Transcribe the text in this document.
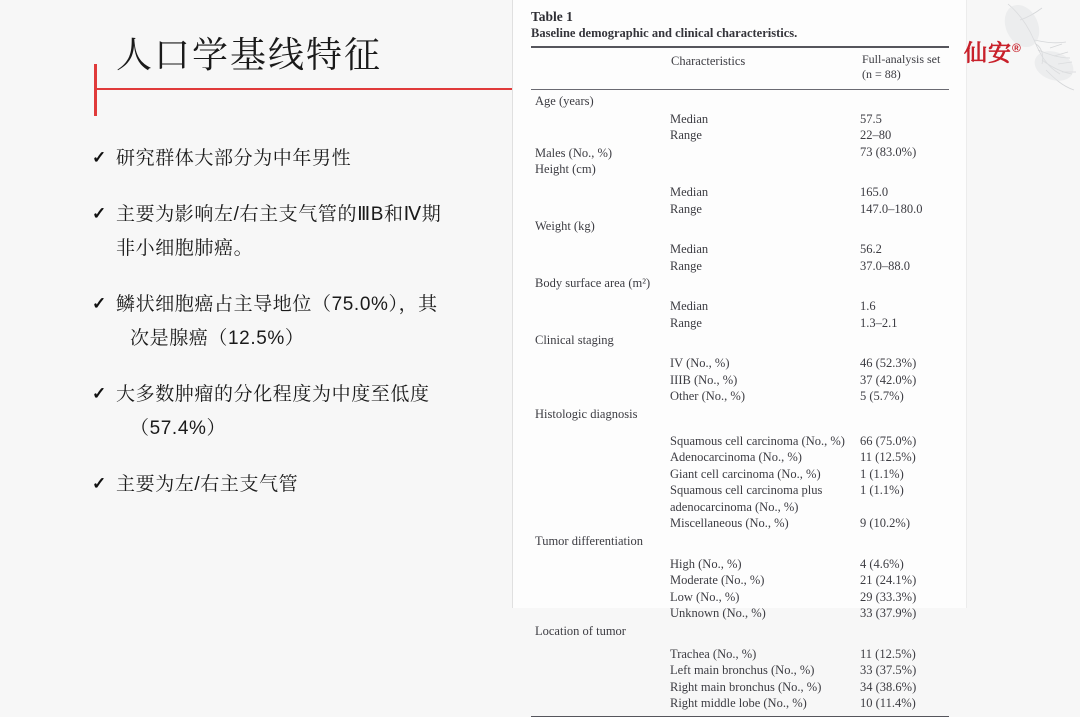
人口学基线特征
✓ 研究群体大部分为中年男性
✓ 主要为影响左/右主支气管的ⅢB和Ⅳ期
非小细胞肺癌。
✓ 鳞状细胞癌占主导地位（75.0%），其
次是腺癌（12.5%）
✓ 大多数肿瘤的分化程度为中度至低度
（57.4%）
✓ 主要为左/右主支气管
Table 1
Baseline demographic and clinical characteristics.
Characteristics	Full-analysis set
(n = 88)
Age (years)
Median	57.5
Range	22–80
Males (No., %)	73 (83.0%)
Height (cm)
Median	165.0
Range	147.0–180.0
Weight (kg)
Median	56.2
Range	37.0–88.0
Body surface area (m²)
Median	1.6
Range	1.3–2.1
Clinical staging
IV (No., %)	46 (52.3%)
IIIB (No., %)	37 (42.0%)
Other (No., %)	5 (5.7%)
Histologic diagnosis
Squamous cell carcinoma (No., %)	66 (75.0%)
Adenocarcinoma (No., %)	11 (12.5%)
Giant cell carcinoma (No., %)	1 (1.1%)
Squamous cell carcinoma plus	1 (1.1%)
adenocarcinoma (No., %)
Miscellaneous (No., %)	9 (10.2%)
Tumor differentiation
High (No., %)	4 (4.6%)
Moderate (No., %)	21 (24.1%)
Low (No., %)	29 (33.3%)
Unknown (No., %)	33 (37.9%)
Location of tumor
Trachea (No., %)	11 (12.5%)
Left main bronchus (No., %)	33 (37.5%)
Right main bronchus (No., %)	34 (38.6%)
Right middle lobe (No., %)	10 (11.4%)
仙安®
